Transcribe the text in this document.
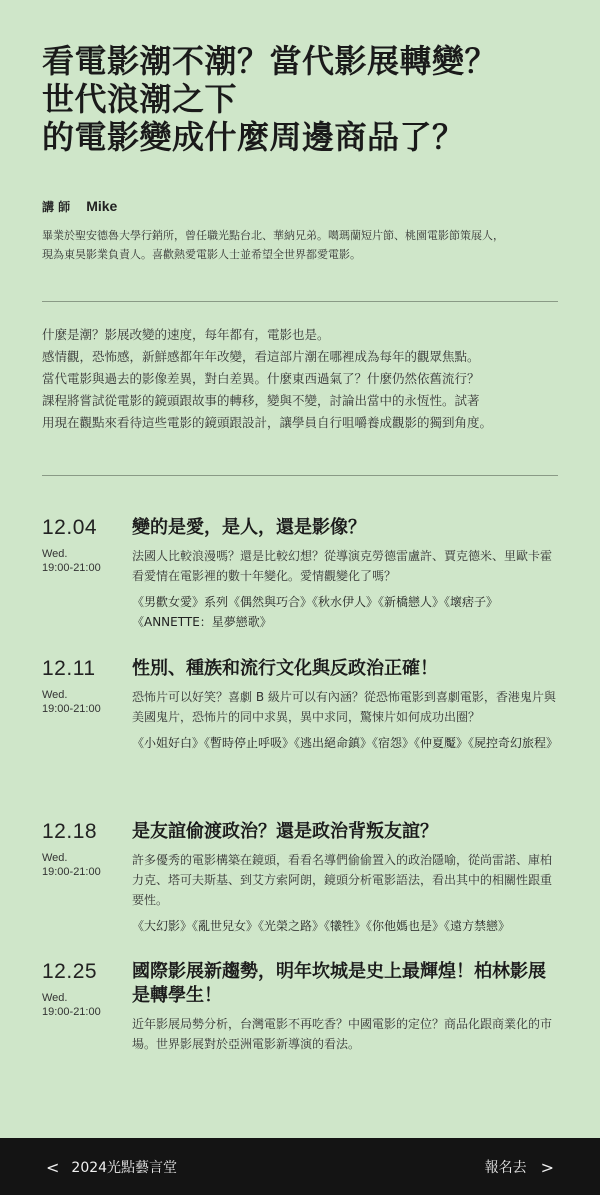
看電影潮不潮？當代影展轉變？
世代浪潮之下
的電影變成什麼周邊商品了？
講 師 Mike
畢業於聖安德魯大學行銷所，曾任職光點台北、華納兄弟。噶瑪蘭短片節、桃園電影節策展人，
現為東昊影業負責人。喜歡熱愛電影人士並希望全世界都愛電影。
什麼是潮？影展改變的速度，每年都有，電影也是。
感情觀，恐怖感，新鮮感都年年改變，看這部片潮在哪裡成為每年的觀眾焦點。
當代電影與過去的影像差異，對白差異。什麼東西過氣了？什麼仍然依舊流行？
課程將嘗試從電影的鏡頭跟故事的轉移，變與不變，討論出當中的永恆性。試著
用現在觀點來看待這些電影的鏡頭跟設計，讓學員自行咀嚼養成觀影的獨到角度。
12.04
Wed.
19:00-21:00
變的是愛，是人，還是影像？
法國人比較浪漫嗎？還是比較幻想？從導演克勞德雷盧許、賈克德米、里歐卡霍看愛情在電影裡的數十年變化。愛情觀變化了嗎？
《男歡女愛》系列《偶然與巧合》《秋水伊人》《新橋戀人》《壞痞子》《ANNETTE：星夢戀歌》
12.11
Wed.
19:00-21:00
性別、種族和流行文化與反政治正確！
恐怖片可以好笑？喜劇 B 級片可以有內涵？從恐怖電影到喜劇電影，香港鬼片與美國鬼片，恐怖片的同中求異，異中求同，驚悚片如何成功出圈？
《小姐好白》《暫時停止呼吸》《逃出絕命鎮》《宿怨》《仲夏魘》《屍控奇幻旅程》
12.18
Wed.
19:00-21:00
是友誼偷渡政治？還是政治背叛友誼？
許多優秀的電影構築在鏡頭，看看名導們偷偷置入的政治隱喻，從尚雷諾、庫柏力克、塔可夫斯基、到艾方索阿朗，鏡頭分析電影語法，看出其中的相關性跟重要性。
《大幻影》《亂世兒女》《光榮之路》《犧牲》《你他媽也是》《遠方禁戀》
12.25
Wed.
19:00-21:00
國際影展新趨勢，明年坎城是史上最輝煌！柏林影展是轉學生！
近年影展局勢分析，台灣電影不再吃香？中國電影的定位？商品化跟商業化的市場。世界影展對於亞洲電影新導演的看法。
< 2024光點藝言堂	報名去 >
